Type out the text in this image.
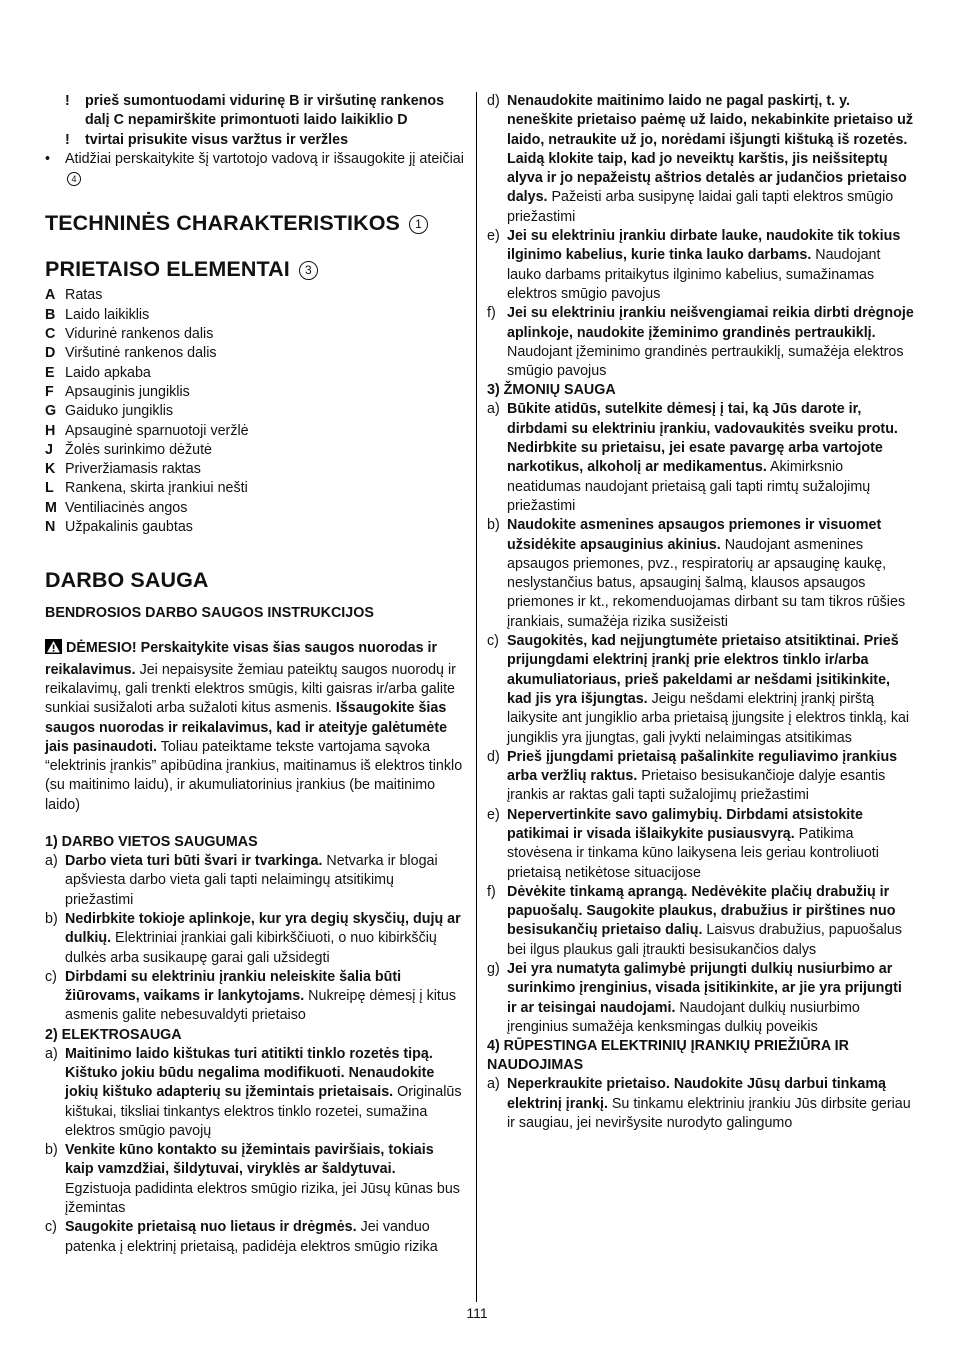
!	prieš sumontuodami vidurinę B ir viršutinę rankenos dalį C nepamirškite primontuoti laido laikiklio D
!	tvirtai prisukite visus varžtus ir veržles
•	Atidžiai perskaitykite šį vartotojo vadovą ir išsaugokite jį ateičiai 4
TECHNINĖS CHARAKTERISTIKOS 1
PRIETAISO ELEMENTAI 3
A Ratas
B Laido laikiklis
C Vidurinė rankenos dalis
D Viršutinė rankenos dalis
E Laido apkaba
F Apsauginis jungiklis
G Gaiduko jungiklis
H Apsauginė sparnuotoji veržlė
J Žolės surinkimo dėžutė
K Priveržiamasis raktas
L Rankena, skirta įrankiui nešti
M Ventiliacinės angos
N Užpakalinis gaubtas
DARBO SAUGA
BENDROSIOS DARBO SAUGOS INSTRUKCIJOS
DĖMESIO! Perskaitykite visas šias saugos nuorodas ir reikalavimus. Jei nepaisysite žemiau pateiktų saugos nuorodų ir reikalavimų, gali trenkti elektros smūgis, kilti gaisras ir/arba galite sunkiai susižaloti arba sužaloti kitus asmenis. Išsaugokite šias saugos nuorodas ir reikalavimus, kad ir ateityje galėtumėte jais pasinaudoti. Toliau pateiktame tekste vartojama sąvoka “elektrinis įrankis” apibūdina įrankius, maitinamus iš elektros tinklo (su maitinimo laidu), ir akumuliatorinius įrankius (be maitinimo laido)
1) DARBO VIETOS SAUGUMAS
a) Darbo vieta turi būti švari ir tvarkinga. Netvarka ir blogai apšviesta darbo vieta gali tapti nelaimingų atsitikimų priežastimi
b) Nedirbkite tokioje aplinkoje, kur yra degių skysčių, dujų ar dulkių. Elektriniai įrankiai gali kibirkščiuoti, o nuo kibirkščių dulkės arba susikaupę garai gali užsidegti
c) Dirbdami su elektriniu įrankiu neleiskite šalia būti žiūrovams, vaikams ir lankytojams. Nukreipę dėmesį į kitus asmenis galite nebesuvaldyti prietaiso
2) ELEKTROSAUGA
a) Maitinimo laido kištukas turi atitikti tinklo rozetės tipą. Kištuko jokiu būdu negalima modifikuoti. Nenaudokite jokių kištuko adapterių su įžemintais prietaisais. Originalūs kištukai, tiksliai tinkantys elektros tinklo rozetei, sumažina elektros smūgio pavojų
b) Venkite kūno kontakto su įžemintais paviršiais, tokiais kaip vamzdžiai, šildytuvai, viryklės ar šaldytuvai. Egzistuoja padidinta elektros smūgio rizika, jei Jūsų kūnas bus įžemintas
c) Saugokite prietaisą nuo lietaus ir drėgmės. Jei vanduo patenka į elektrinį prietaisą, padidėja elektros smūgio rizika
d) Nenaudokite maitinimo laido ne pagal paskirtį, t. y. neneškite prietaiso paėmę už laido, nekabinkite prietaiso už laido, netraukite už jo, norėdami išjungti kištuką iš rozetės. Laidą klokite taip, kad jo neveiktų karštis, jis neišsiteptų alyva ir jo nepažeistų aštrios detalės ar judančios prietaiso dalys. Pažeisti arba susipynę laidai gali tapti elektros smūgio priežastimi
e) Jei su elektriniu įrankiu dirbate lauke, naudokite tik tokius ilginimo kabelius, kurie tinka lauko darbams. Naudojant lauko darbams pritaikytus ilginimo kabelius, sumažinamas elektros smūgio pavojus
f) Jei su elektriniu įrankiu neišvengiamai reikia dirbti drėgnoje aplinkoje, naudokite įžeminimo grandinės pertraukiklį. Naudojant įžeminimo grandinės pertraukiklį, sumažėja elektros smūgio pavojus
3) ŽMONIŲ SAUGA
a) Būkite atidūs, sutelkite dėmesį į tai, ką Jūs darote ir, dirbdami su elektriniu įrankiu, vadovaukitės sveiku protu. Nedirbkite su prietaisu, jei esate pavargę arba vartojote narkotikus, alkoholį ar medikamentus. Akimirksnio neatidumas naudojant prietaisą gali tapti rimtų sužalojimų priežastimi
b) Naudokite asmenines apsaugos priemones ir visuomet užsidėkite apsauginius akinius. Naudojant asmenines apsaugos priemones, pvz., respiratorių ar apsauginę kaukę, neslystančius batus, apsauginį šalmą, klausos apsaugos priemones ir kt., rekomenduojamas dirbant su tam tikros rūšies įrankiais, sumažėja rizika susižeisti
c) Saugokitės, kad neįjungtumėte prietaiso atsitiktinai. Prieš prijungdami elektrinį įrankį prie elektros tinklo ir/arba akumuliatoriaus, prieš pakeldami ar nešdami įsitikinkite, kad jis yra išjungtas. Jeigu nešdami elektrinį įrankį pirštą laikysite ant jungiklio arba prietaisą įjungsite į elektros tinklą, kai jungiklis yra įjungtas, gali įvykti nelaimingas atsitikimas
d) Prieš įjungdami prietaisą pašalinkite reguliavimo įrankius arba veržlių raktus. Prietaiso besisukančioje dalyje esantis įrankis ar raktas gali tapti sužalojimų priežastimi
e) Nepervertinkite savo galimybių. Dirbdami atsistokite patikimai ir visada išlaikykite pusiausvyrą. Patikima stovėsena ir tinkama kūno laikysena leis geriau kontroliuoti prietaisą netikėtose situacijose
f) Dėvėkite tinkamą aprangą. Nedėvėkite plačių drabužių ir papuošalų. Saugokite plaukus, drabužius ir pirštines nuo besisukančių prietaiso dalių. Laisvus drabužius, papuošalus bei ilgus plaukus gali įtraukti besisukančios dalys
g) Jei yra numatyta galimybė prijungti dulkių nusiurbimo ar surinkimo įrenginius, visada įsitikinkite, ar jie yra prijungti ir ar teisingai naudojami. Naudojant dulkių nusiurbimo įrenginius sumažėja kenksmingas dulkių poveikis
4) RŪPESTINGA ELEKTRINIŲ ĮRANKIŲ PRIEŽIŪRA IR NAUDOJIMAS
a) Neperkraukite prietaiso. Naudokite Jūsų darbui tinkamą elektrinį įrankį. Su tinkamu elektriniu įrankiu Jūs dirbsite geriau ir saugiau, jei neviršysite nurodyto galingumo
111
